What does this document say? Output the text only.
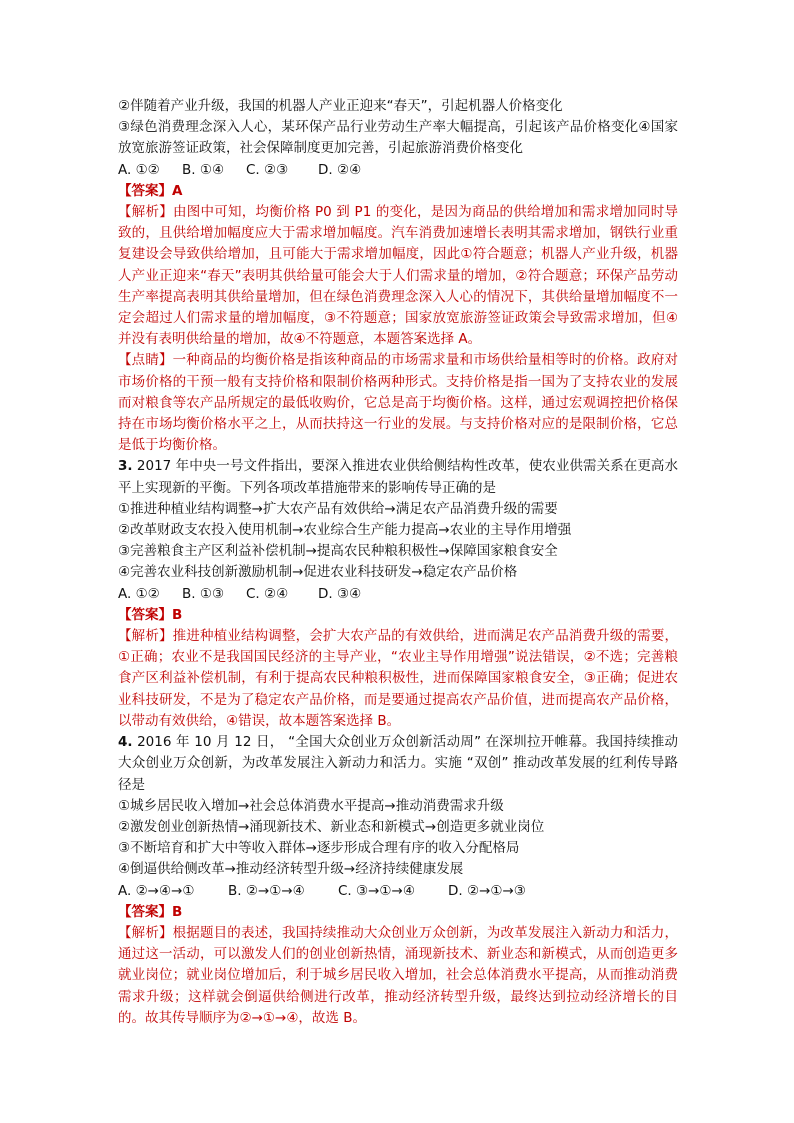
②伴随着产业升级，我国的机器人产业正迎来“春天”，引起机器人价格变化
③绿色消费理念深入人心，某环保产品行业劳动生产率大幅提高，引起该产品价格变化④国家放宽旅游签证政策，社会保障制度更加完善，引起旅游消费价格变化
A. ①② B. ①④ C. ②③ D. ②④
【答案】A
【解析】由图中可知，均衡价格 P0 到 P1 的变化，是因为商品的供给增加和需求增加同时导致的，且供给增加幅度应大于需求增加幅度。汽车消费加速增长表明其需求增加，钢铁行业重复建设会导致供给增加，且可能大于需求增加幅度，因此①符合题意；机器人产业升级，机器人产业正迎来“春天”表明其供给量可能会大于人们需求量的增加，②符合题意；环保产品劳动生产率提高表明其供给量增加，但在绿色消费理念深入人心的情况下，其供给量增加幅度不一定会超过人们需求量的增加幅度，③不符题意；国家放宽旅游签证政策会导致需求增加，但④并没有表明供给量的增加，故④不符题意，本题答案选择 A。
【点睛】一种商品的均衡价格是指该种商品的市场需求量和市场供给量相等时的价格。政府对市场价格的干预一般有支持价格和限制价格两种形式。支持价格是指一国为了支持农业的发展而对粮食等农产品所规定的最低收购价，它总是高于均衡价格。这样，通过宏观调控把价格保持在市场均衡价格水平之上，从而扶持这一行业的发展。与支持价格对应的是限制价格，它总是低于均衡价格。
3. 2017 年中央一号文件指出，要深入推进农业供给侧结构性改革，使农业供需关系在更高水平上实现新的平衡。下列各项改革措施带来的影响传导正确的是
①推进种植业结构调整→扩大农产品有效供给→满足农产品消费升级的需要
②改革财政支农投入使用机制→农业综合生产能力提高→农业的主导作用增强
③完善粮食主产区利益补偿机制→提高农民种粮积极性→保障国家粮食安全
④完善农业科技创新激励机制→促进农业科技研发→稳定农产品价格
A. ①② B. ①③ C. ②④ D. ③④
【答案】B
【解析】推进种植业结构调整，会扩大农产品的有效供给，进而满足农产品消费升级的需要，①正确；农业不是我国国民经济的主导产业，“农业主导作用增强”说法错误，②不选；完善粮食产区利益补偿机制，有利于提高农民种粮积极性，进而保障国家粮食安全，③正确；促进农业科技研发，不是为了稳定农产品价格，而是要通过提高农产品价值，进而提高农产品价格，以带动有效供给，④错误，故本题答案选择 B。
4. 2016 年 10 月 12 日， “全国大众创业万众创新活动周” 在深圳拉开帷幕。我国持续推动大众创业万众创新，为改革发展注入新动力和活力。实施 “双创” 推动改革发展的红利传导路径是
①城乡居民收入增加→社会总体消费水平提高→推动消费需求升级
②激发创业创新热情→涌现新技术、新业态和新模式→创造更多就业岗位
③不断培育和扩大中等收入群体→逐步形成合理有序的收入分配格局
④倒逼供给侧改革→推动经济转型升级→经济持续健康发展
A. ②→④→① B. ②→①→④ C. ③→①→④ D. ②→①→③
【答案】B
【解析】根据题目的表述，我国持续推动大众创业万众创新，为改革发展注入新动力和活力，通过这一活动，可以激发人们的创业创新热情，涌现新技术、新业态和新模式，从而创造更多就业岗位；就业岗位增加后，利于城乡居民收入增加，社会总体消费水平提高，从而推动消费需求升级；这样就会倒逼供给侧进行改革，推动经济转型升级，最终达到拉动经济增长的目的。故其传导顺序为②→①→④，故选 B。
